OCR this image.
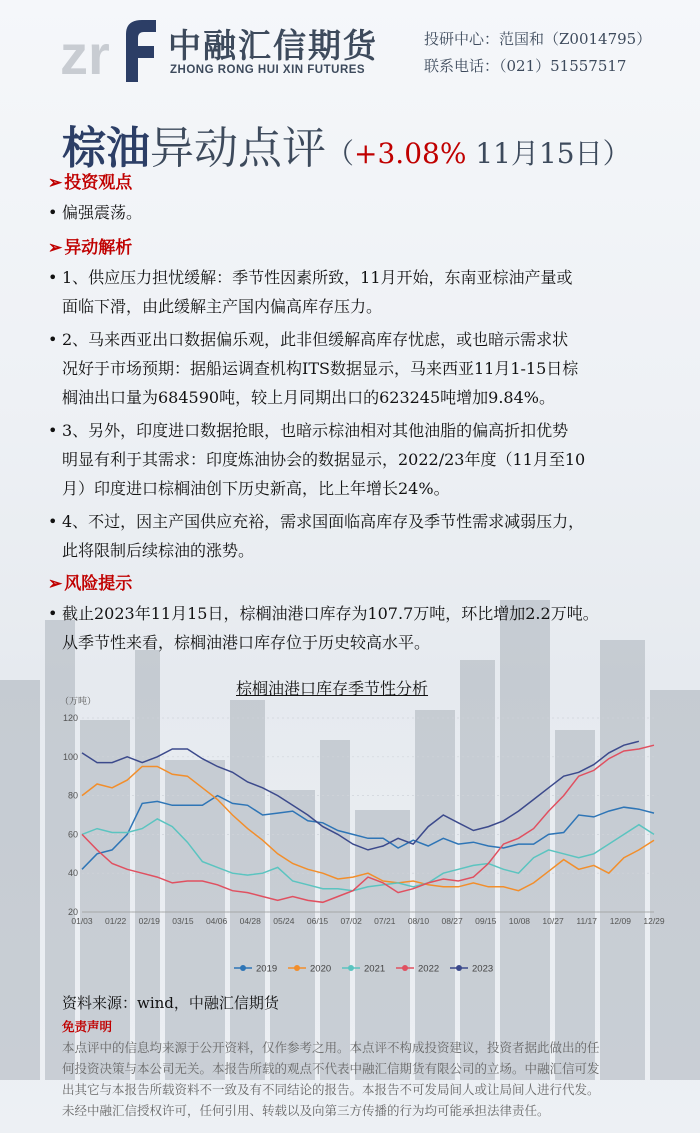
zr 中融汇信期货
ZHONG RONG HUI XIN FUTURES
投研中心：范国和（Z0014795）
联系电话：（021）51557517
棕油异动点评（+3.08% 11月15日）
➢ 投资观点
• 偏强震荡。
➢ 异动解析
• 1、供应压力担忧缓解：季节性因素所致，11月开始，东南亚棕油产量或
面临下滑，由此缓解主产国内偏高库存压力。
• 2、马来西亚出口数据偏乐观，此非但缓解高库存忧虑，或也暗示需求状
况好于市场预期：据船运调查机构ITS数据显示，马来西亚11月1-15日棕
榈油出口量为684590吨，较上月同期出口的623245吨增加9.84%。
• 3、另外，印度进口数据抢眼，也暗示棕油相对其他油脂的偏高折扣优势
明显有利于其需求：印度炼油协会的数据显示，2022/23年度（11月至10
月）印度进口棕榈油创下历史新高，比上年增长24%。
• 4、不过，因主产国供应充裕，需求国面临高库存及季节性需求减弱压力，
此将限制后续棕油的涨势。
➢ 风险提示
• 截止2023年11月15日，棕榈油港口库存为107.7万吨，环比增加2.2万吨。
从季节性来看，棕榈油港口库存位于历史较高水平。
棕榈油港口库存季节性分析
（万吨）
20
40
60
80
100
120
01/03 01/22 02/19 03/15 04/06 04/28 05/24 06/15 07/02 07/21 08/10 08/27 09/15 10/08 10/27 11/17 12/09 12/29
2019	2020	2021	2022	2023
资料来源：wind，中融汇信期货
免责声明
本点评中的信息均来源于公开资料，仅作参考之用。本点评不构成投资建议，投资者据此做出的任
何投资决策与本公司无关。本报告所载的观点不代表中融汇信期货有限公司的立场。中融汇信可发
出其它与本报告所载资料不一致及有不同结论的报告。本报告不可发局间人或让局间人进行代发。
未经中融汇信授权许可，任何引用、转载以及向第三方传播的行为均可能承担法律责任。
